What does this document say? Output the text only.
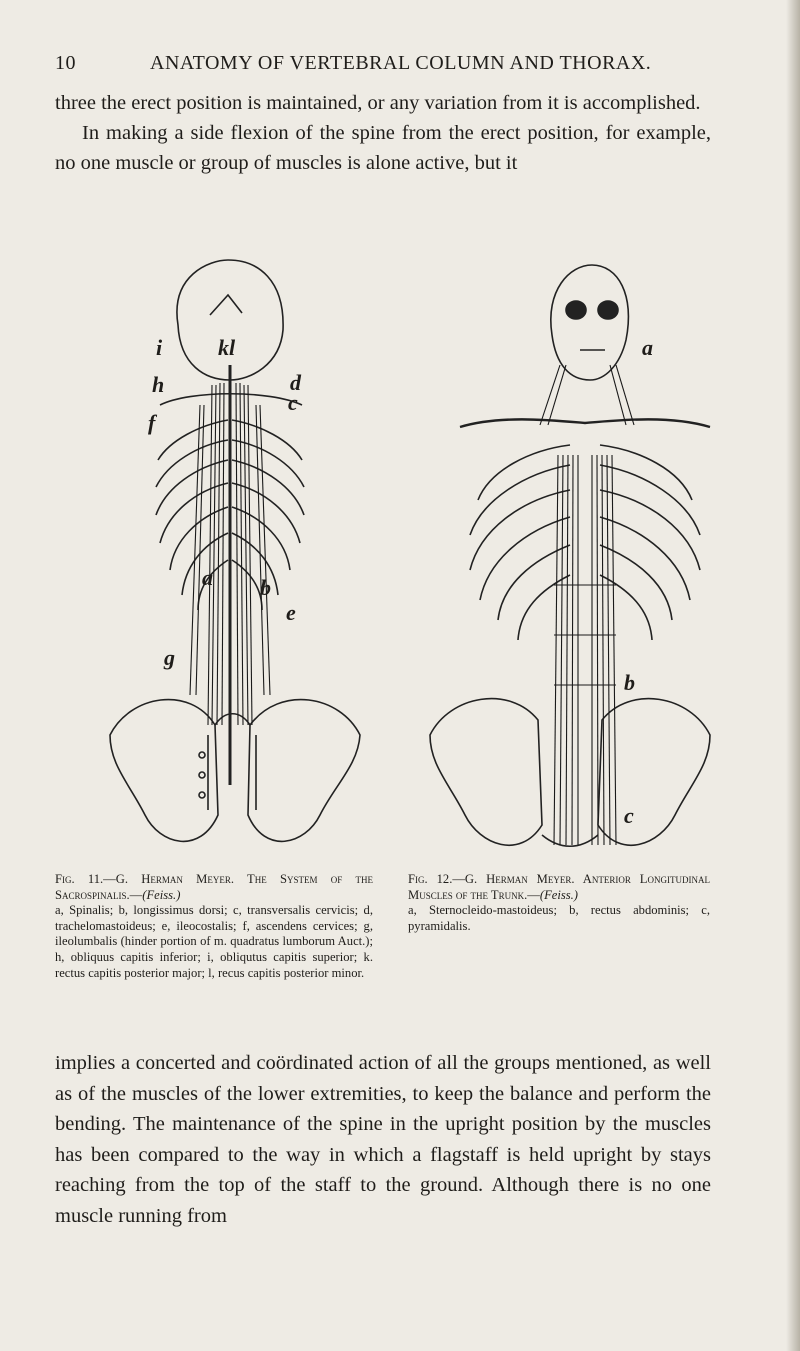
10	ANATOMY OF VERTEBRAL COLUMN AND THORAX.

three the erect position is maintained, or any variation from it is accomplished.

In making a side flexion of the spine from the erect position, for example, no one muscle or group of muscles is alone active, but it

kl
i
h
f
d
c
a b
e
g
a
b
c
Fig. 11.—G. Herman Meyer. The System of the Sacrospinalis.—(Feiss.)
a, Spinalis; b, longissimus dorsi; c, transversalis cervicis; d, trachelomastoideus; e, ileocostalis; f, ascendens cervices; g, ileolumbalis (hinder portion of m. quadratus lumborum Auct.); h, obliquus capitis inferior; i, obliqutus capitis superior; k. rectus capitis posterior major; l, recus capitis posterior minor.
Fig. 12.—G. Herman Meyer. Anterior Longitudinal Muscles of the Trunk.—(Feiss.)
a, Sternocleido-mastoideus; b, rectus abdominis; c, pyramidalis.

implies a concerted and coördinated action of all the groups mentioned, as well as of the muscles of the lower extremities, to keep the balance and perform the bending. The maintenance of the spine in the upright position by the muscles has been compared to the way in which a flagstaff is held upright by stays reaching from the top of the staff to the ground. Although there is no one muscle running from
